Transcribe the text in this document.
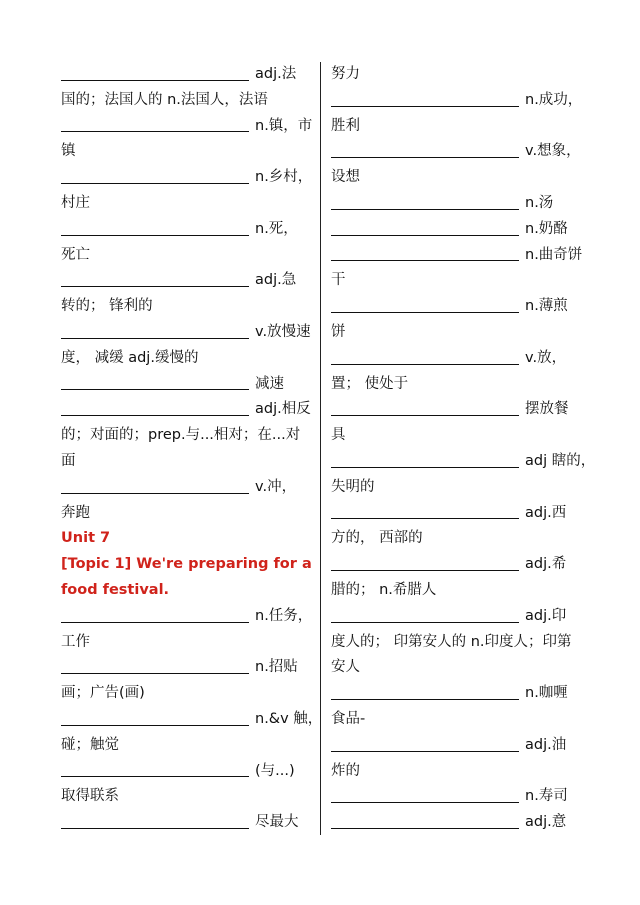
adj.法
国的；法国人的 n.法国人，法语
n.镇，市
镇
n.乡村，
村庄
n.死，
死亡
adj.急
转的； 锋利的
v.放慢速
度， 减缓 adj.缓慢的
减速
adj.相反
的；对面的；prep.与...相对；在...对
面
v.冲，
奔跑
Unit 7
[Topic 1] We're preparing for a
food festival.
n.任务，
工作
n.招贴
画；广告(画)
n.&v 触，
碰；触觉
(与...)
取得联系
尽最大
努力
n.成功，
胜利
v.想象，
设想
n.汤
n.奶酪
n.曲奇饼
干
n.薄煎
饼
v.放，
置； 使处于
摆放餐
具
adj 瞎的，
失明的
adj.西
方的， 西部的
adj.希
腊的； n.希腊人
adj.印
度人的； 印第安人的 n.印度人；印第
安人
n.咖喱
食品-
adj.油
炸的
n.寿司
adj.意
